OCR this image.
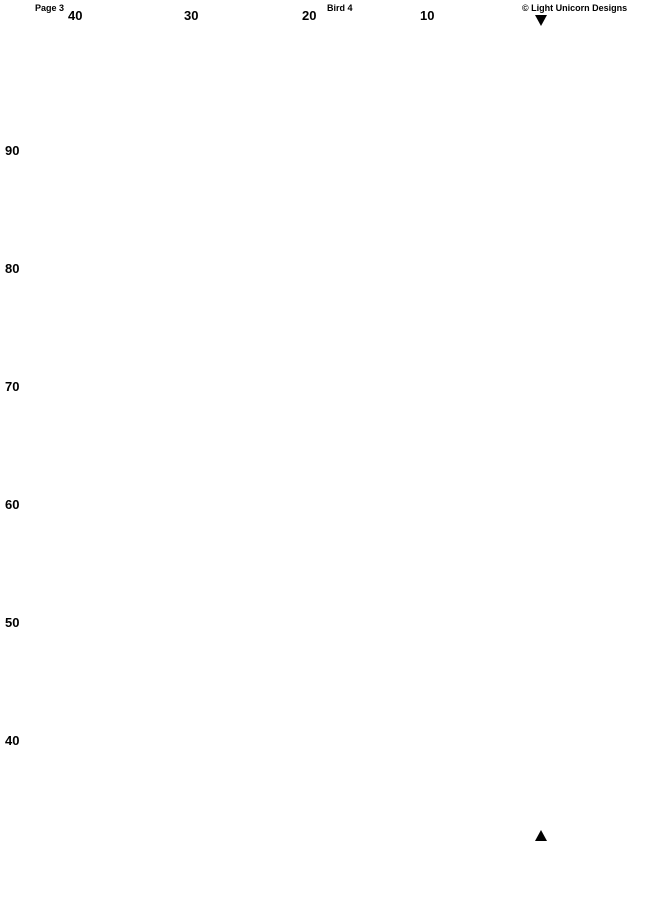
Page 3	Bird 4	© Light Unicorn Designs
40	30	20	10
90
80
70
60
50
40
